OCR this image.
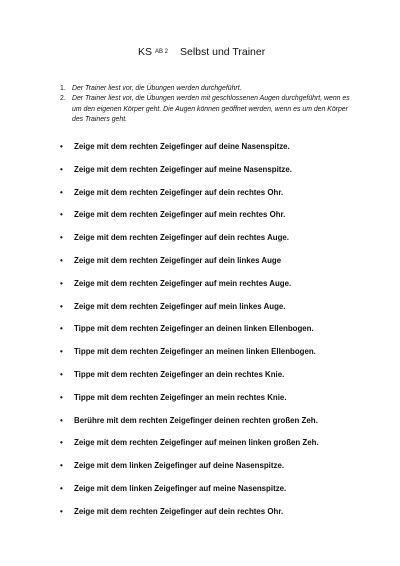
KS AB 2 Selbst und Trainer
1. Der Trainer liest vor, die Übungen werden durchgeführt.
2. Der Trainer liest vor, die Übungen werden mit geschlossenen Augen durchgeführt, wenn es um den eigenen Körper geht. Die Augen können geöffnet werden, wenn es um den Körper des Trainers geht.
• Zeige mit dem rechten Zeigefinger auf deine Nasenspitze.
• Zeige mit dem rechten Zeigefinger auf meine Nasenspitze.
• Zeige mit dem rechten Zeigefinger auf dein rechtes Ohr.
• Zeige mit dem rechten Zeigefinger auf mein rechtes Ohr.
• Zeige mit dem rechten Zeigefinger auf dein rechtes Auge.
• Zeige mit dem rechten Zeigefinger auf dein linkes Auge
• Zeige mit dem rechten Zeigefinger auf mein rechtes Auge.
• Zeige mit dem rechten Zeigefinger auf mein linkes Auge.
• Tippe mit dem rechten Zeigefinger an deinen linken Ellenbogen.
• Tippe mit dem rechten Zeigefinger an meinen linken Ellenbogen.
• Tippe mit dem rechten Zeigefinger an dein rechtes Knie.
• Tippe mit dem rechten Zeigefinger an mein rechtes Knie.
• Berühre mit dem rechten Zeigefinger deinen rechten großen Zeh.
• Zeige mit dem rechten Zeigefinger auf meinen linken großen Zeh.
• Zeige mit dem linken Zeigefinger auf deine Nasenspitze.
• Zeige mit dem linken Zeigefinger auf meine Nasenspitze.
• Zeige mit dem rechten Zeigefinger auf dein rechtes Ohr.
